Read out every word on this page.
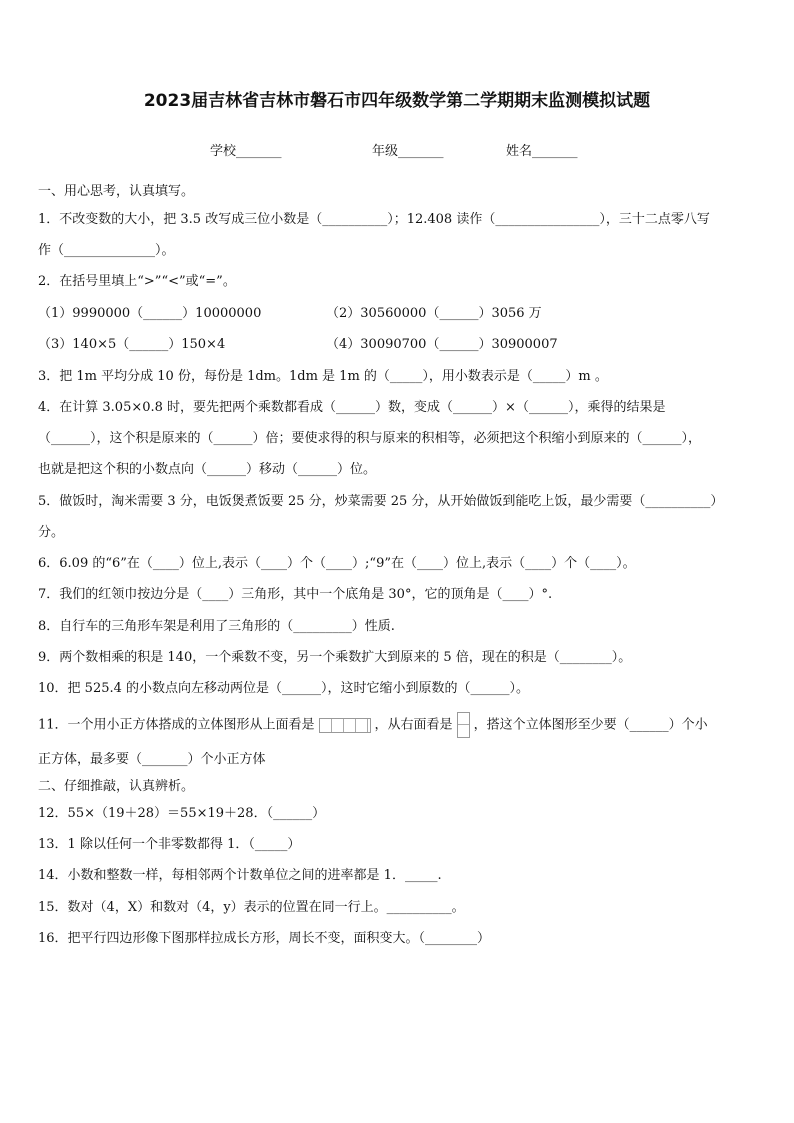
2023届吉林省吉林市磐石市四年级数学第二学期期末监测模拟试题
学校_______	年级_______	姓名_______
一、用心思考，认真填写。
1．不改变数的大小，把 3.5 改写成三位小数是（__________）；12.408 读作（________________），三十二点零八写
作（______________）。
2．在括号里填上“>”“<”或“=”。
（1）9990000（______）10000000	（2）30560000（______）3056 万
（3）140×5（______）150×4	（4）30090700（______）30900007
3．把 1m 平均分成 10 份，每份是 1dm。1dm 是 1m 的（_____），用小数表示是（_____）m 。
4．在计算 3.05×0.8 时，要先把两个乘数都看成（______）数，变成（______）×（______），乘得的结果是
（______），这个积是原来的（______）倍；要使求得的积与原来的积相等，必须把这个积缩小到原来的（______），
也就是把这个积的小数点向（______）移动（______）位。
5．做饭时，淘米需要 3 分，电饭煲煮饭要 25 分，炒菜需要 25 分，从开始做饭到能吃上饭，最少需要（__________）
分。
6．6.09 的“6”在（____）位上,表示（____）个（____）;“9”在（____）位上,表示（____）个（____）。
7．我们的红领巾按边分是（____）三角形，其中一个底角是 30°，它的顶角是（____）°.
8．自行车的三角形车架是利用了三角形的（_________）性质.
9．两个数相乘的积是 140，一个乘数不变，另一个乘数扩大到原来的 5 倍，现在的积是（________）。
10．把 525.4 的小数点向左移动两位是（______），这时它缩小到原数的（______）。
11．一个用小正方体搭成的立体图形从上面看是	，从右面看是 ，搭这个立体图形至少要（______）个小
正方体，最多要（_______）个小正方体
二、仔细推敲，认真辨析。
12．55×（19＋28）＝55×19＋28．（______）
13．1 除以任何一个非零数都得 1．（_____）
14．小数和整数一样，每相邻两个计数单位之间的进率都是 1．_____.
15．数对（4，X）和数对（4，y）表示的位置在同一行上。__________。
16．把平行四边形像下图那样拉成长方形，周长不变，面积变大。（________）
